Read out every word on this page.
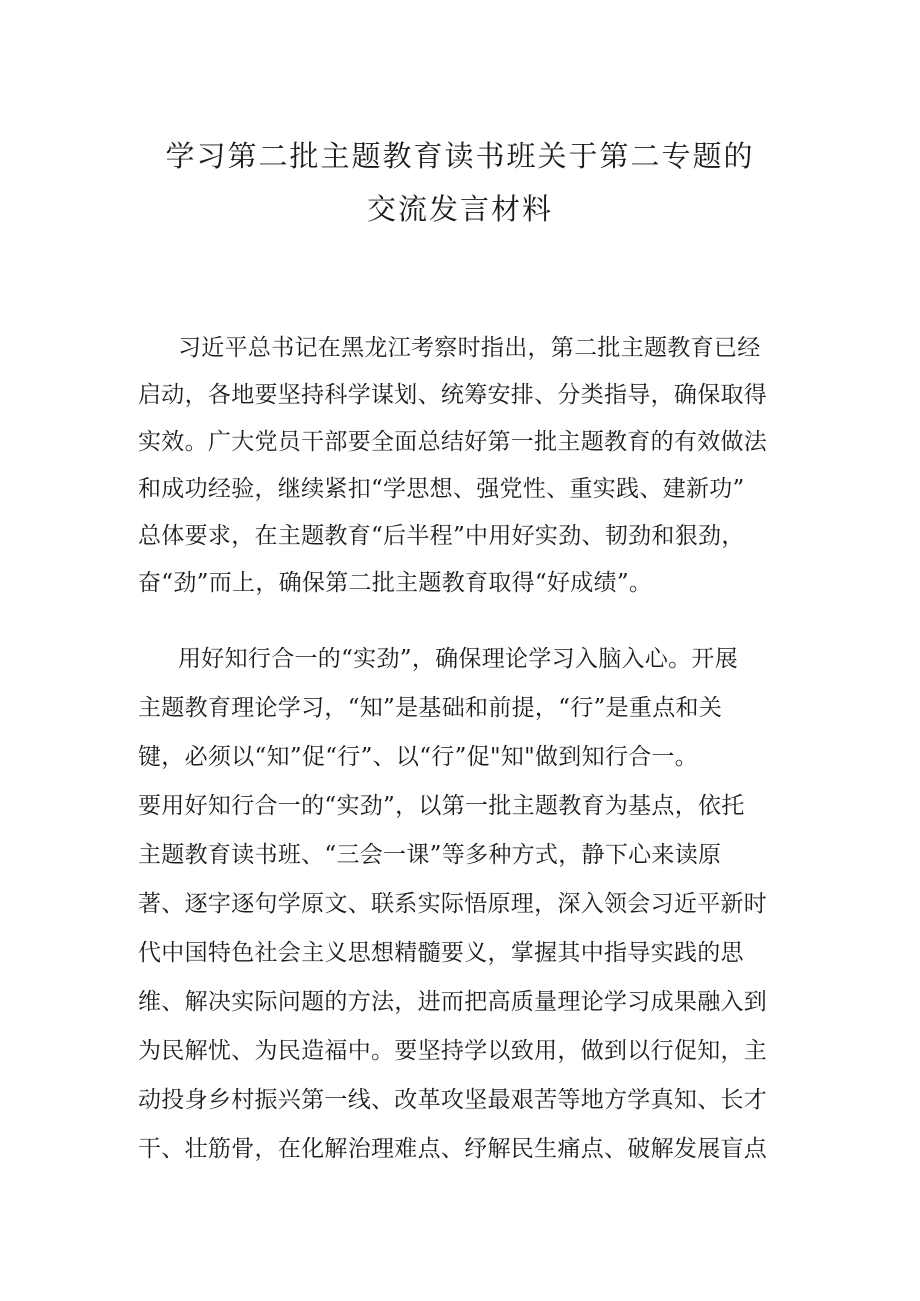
学习第二批主题教育读书班关于第二专题的
交流发言材料
习近平总书记在黑龙江考察时指出，第二批主题教育已经
启动，各地要坚持科学谋划、统筹安排、分类指导，确保取得
实效。广大党员干部要全面总结好第一批主题教育的有效做法
和成功经验，继续紧扣“学思想、强党性、重实践、建新功”
总体要求，在主题教育“后半程”中用好实劲、韧劲和狠劲，
奋“劲”而上，确保第二批主题教育取得“好成绩”。
用好知行合一的“实劲”，确保理论学习入脑入心。开展
主题教育理论学习，“知”是基础和前提，“行”是重点和关
键，必须以“知”促“行”、以“行”促"知"做到知行合一。
要用好知行合一的“实劲”，以第一批主题教育为基点，依托
主题教育读书班、“三会一课”等多种方式，静下心来读原
著、逐字逐句学原文、联系实际悟原理，深入领会习近平新时
代中国特色社会主义思想精髓要义，掌握其中指导实践的思
维、解决实际问题的方法，进而把高质量理论学习成果融入到
为民解忧、为民造福中。要坚持学以致用，做到以行促知，主
动投身乡村振兴第一线、改革攻坚最艰苦等地方学真知、长才
干、壮筋骨，在化解治理难点、纾解民生痛点、破解发展盲点
